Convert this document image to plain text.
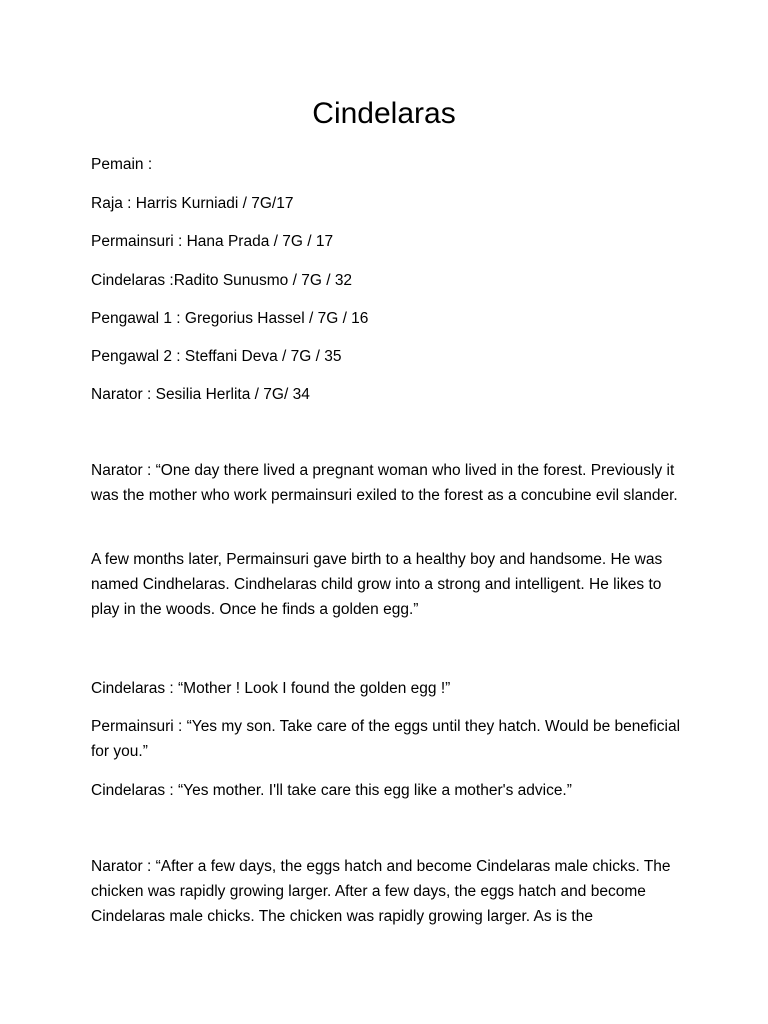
Cindelaras

Pemain :

Raja : Harris Kurniadi / 7G/17

Permainsuri : Hana Prada / 7G / 17

Cindelaras :Radito Sunusmo / 7G / 32

Pengawal 1 : Gregorius Hassel / 7G / 16

Pengawal 2 : Steffani Deva / 7G / 35

Narator : Sesilia Herlita / 7G/ 34

Narator : “One day there lived a pregnant woman who lived in the forest. Previously it was the mother who work permainsuri exiled to the forest as a concubine evil slander.

A few months later, Permainsuri gave birth to a healthy boy and handsome. He was named Cindhelaras. Cindhelaras child grow into a strong and intelligent. He likes to play in the woods. Once he finds a golden egg.”

Cindelaras : “Mother ! Look I found the golden egg !”

Permainsuri : “Yes my son. Take care of the eggs until they hatch. Would be beneficial for you.”

Cindelaras : “Yes mother. I'll take care this egg like a mother's advice.”

Narator : “After a few days, the eggs hatch and become Cindelaras male chicks. The chicken was rapidly growing larger. After a few days, the eggs hatch and become Cindelaras male chicks. The chicken was rapidly growing larger. As is the
